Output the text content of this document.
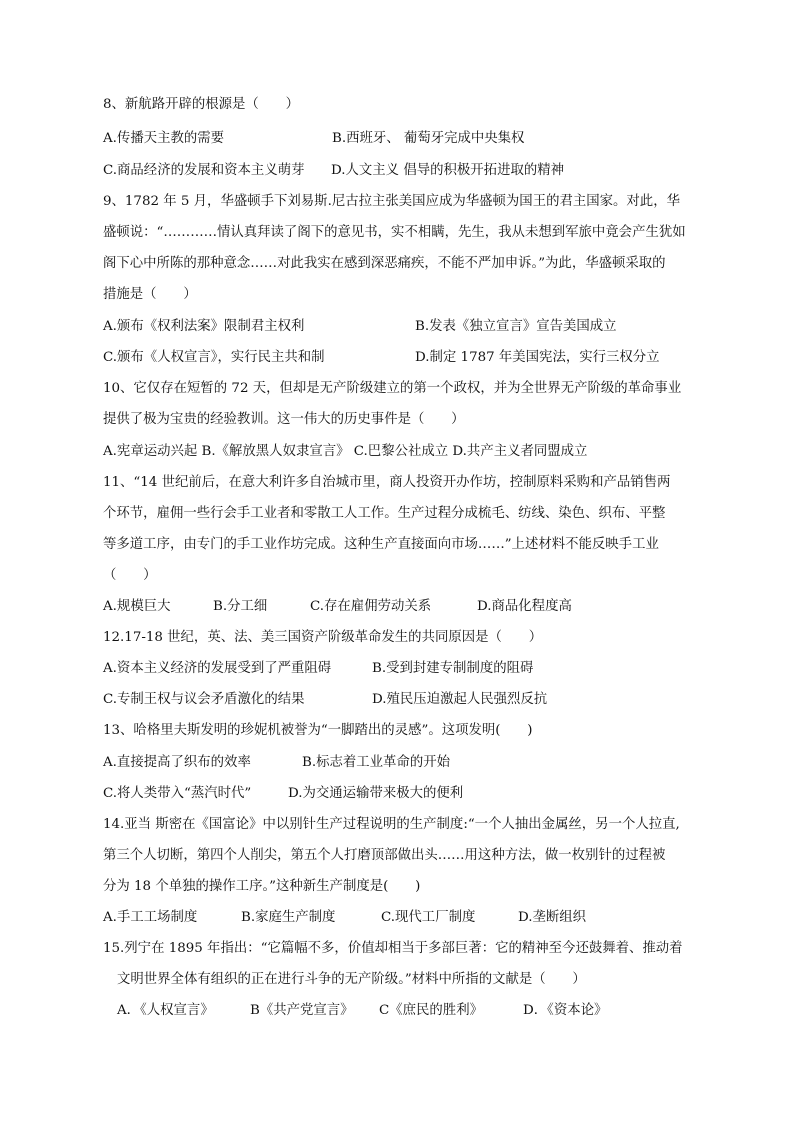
8、新航路开辟的根源是（　　）
A.传播天主教的需要	B.西班牙、 葡萄牙完成中央集权
C.商品经济的发展和资本主义萌芽 D.人文主义 倡导的积极开拓进取的精神
9、1782 年 5 月，华盛顿手下刘易斯.尼古拉主张美国应成为华盛顿为国王的君主国家。对此，华
盛顿说：“…………情认真拜读了阁下的意见书，实不相瞒，先生，我从未想到军旅中竟会产生犹如
阁下心中所陈的那种意念……对此我实在感到深恶痛疾，不能不严加申诉。”为此，华盛顿采取的
措施是（　　）
A.颁布《权利法案》限制君主权利	B.发表《独立宣言》宣告美国成立
C.颁布《人权宣言》，实行民主共和制	D.制定 1787 年美国宪法，实行三权分立
10、它仅存在短暂的 72 天，但却是无产阶级建立的第一个政权，并为全世界无产阶级的革命事业
提供了极为宝贵的经验教训。这一伟大的历史事件是（　　）
A.宪章运动兴起 B.《解放黑人奴隶宣言》 C.巴黎公社成立 D.共产主义者同盟成立
11、“14 世纪前后，在意大利许多自治城市里，商人投资开办作坊，控制原料采购和产品销售两
个环节，雇佣一些行会手工业者和零散工人工作。生产过程分成梳毛、纺线、染色、织布、平整
等多道工序，由专门的手工业作坊完成。这种生产直接面向市场……”上述材料不能反映手工业
（　　）
A.规模巨大	B.分工细	C.存在雇佣劳动关系	D.商品化程度高
12.17-18 世纪，英、法、美三国资产阶级革命发生的共同原因是（　　）
A.资本主义经济的发展受到了严重阻碍	B.受到封建专制制度的阻碍
C.专制王权与议会矛盾激化的结果	D.殖民压迫激起人民强烈反抗
13、哈格里夫斯发明的珍妮机被誉为“一脚踏出的灵感”。这项发明(　　)
A.直接提高了织布的效率	B.标志着工业革命的开始
C.将人类带入“蒸汽时代”	D.为交通运输带来极大的便利
14.亚当 斯密在《国富论》中以别针生产过程说明的生产制度:“一个人抽出金属丝，另一个人拉直,
第三个人切断，第四个人削尖，第五个人打磨顶部做出头……用这种方法，做一枚别针的过程被
分为 18 个单独的操作工序。”这种新生产制度是(　　)
A.手工工场制度	B.家庭生产制度	C.现代工厂制度	D.垄断组织
15.列宁在 1895 年指出：“它篇幅不多，价值却相当于多部巨著：它的精神至今还鼓舞着、推动着
文明世界全体有组织的正在进行斗争的无产阶级。”材料中所指的文献是（　　）
A．《人权宣言》	B《共产党宣言》 C《庶民的胜利》	D．《资本论》
